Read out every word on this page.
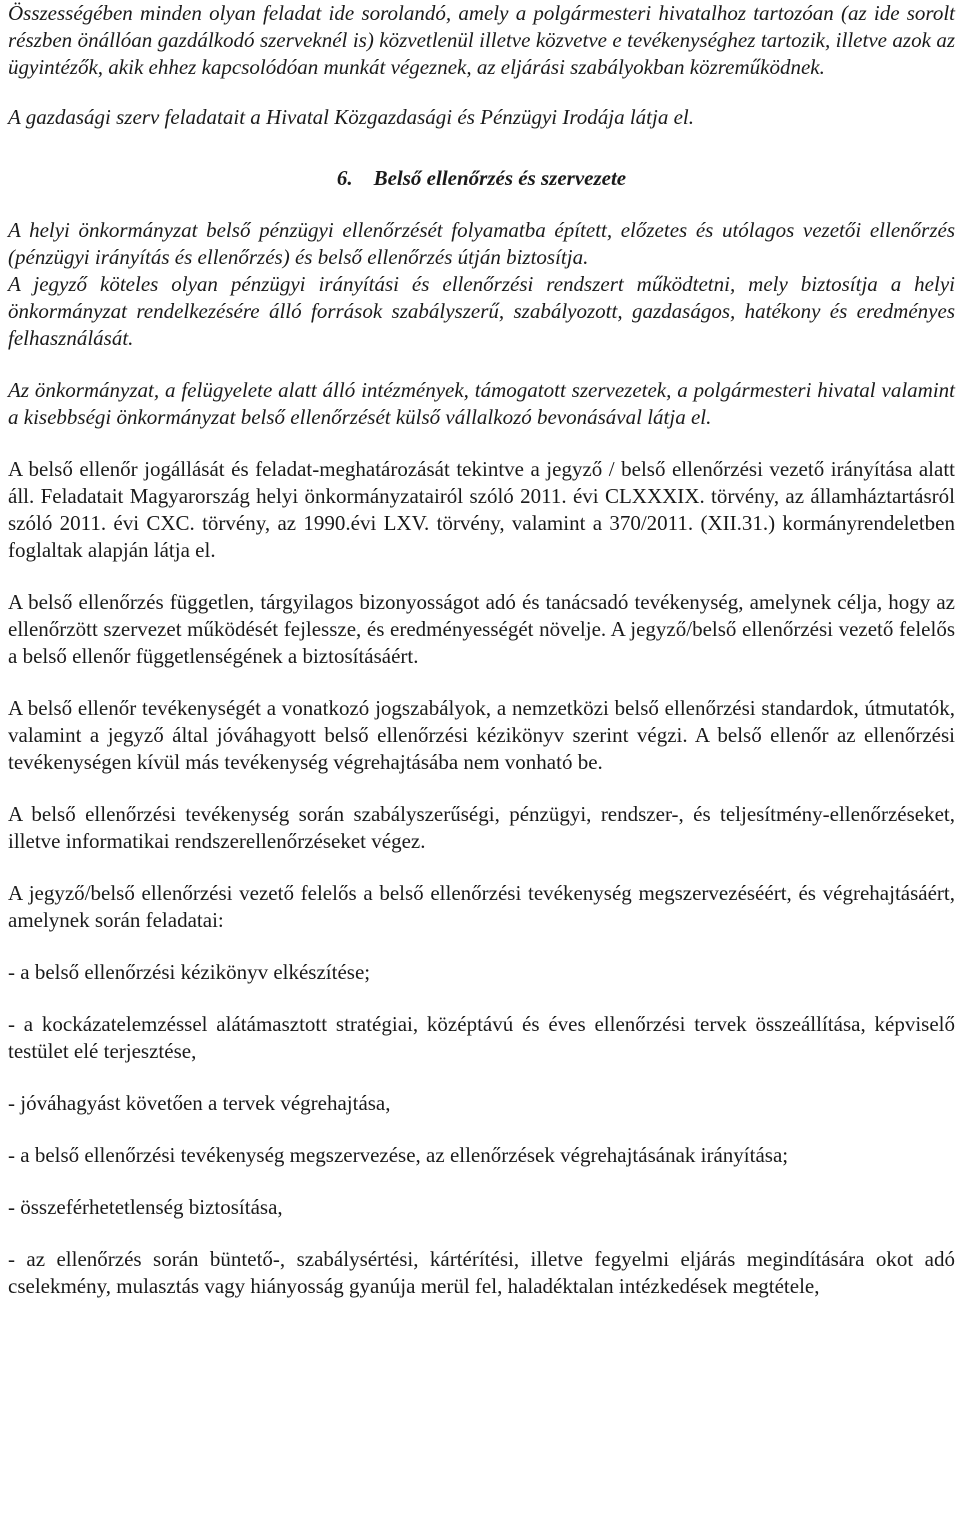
Összességében minden olyan feladat ide sorolandó, amely a polgármesteri hivatalhoz tartozóan (az ide sorolt részben önállóan gazdálkodó szerveknél is) közvetlenül illetve közvetve e tevékenységhez tartozik, illetve azok az ügyintézők, akik ehhez kapcsolódóan munkát végeznek, az eljárási szabályokban közreműködnek.

A gazdasági szerv feladatait a Hivatal Közgazdasági és Pénzügyi Irodája látja el.

6. Belső ellenőrzés és szervezete

A helyi önkormányzat belső pénzügyi ellenőrzését folyamatba épített, előzetes és utólagos vezetői ellenőrzés (pénzügyi irányítás és ellenőrzés) és belső ellenőrzés útján biztosítja.

A jegyző köteles olyan pénzügyi irányítási és ellenőrzési rendszert működtetni, mely biztosítja a helyi önkormányzat rendelkezésére álló források szabályszerű, szabályozott, gazdaságos, hatékony és eredményes felhasználását.

Az önkormányzat, a felügyelete alatt álló intézmények, támogatott szervezetek, a polgármesteri hivatal valamint a kisebbségi önkormányzat belső ellenőrzését külső vállalkozó bevonásával látja el.

A belső ellenőr jogállását és feladat-meghatározását tekintve a jegyző / belső ellenőrzési vezető irányítása alatt áll. Feladatait Magyarország helyi önkormányzatairól szóló 2011. évi CLXXXIX. törvény, az államháztartásról szóló 2011. évi CXC. törvény, az 1990.évi LXV. törvény, valamint a 370/2011. (XII.31.) kormányrendeletben foglaltak alapján látja el.

A belső ellenőrzés független, tárgyilagos bizonyosságot adó és tanácsadó tevékenység, amelynek célja, hogy az ellenőrzött szervezet működését fejlessze, és eredményességét növelje. A jegyző/belső ellenőrzési vezető felelős a belső ellenőr függetlenségének a biztosításáért.

A belső ellenőr tevékenységét a vonatkozó jogszabályok, a nemzetközi belső ellenőrzési standardok, útmutatók, valamint a jegyző által jóváhagyott belső ellenőrzési kézikönyv szerint végzi. A belső ellenőr az ellenőrzési tevékenységen kívül más tevékenység végrehajtásába nem vonható be.

A belső ellenőrzési tevékenység során szabályszerűségi, pénzügyi, rendszer-, és teljesítmény-ellenőrzéseket, illetve informatikai rendszerellenőrzéseket végez.

A jegyző/belső ellenőrzési vezető felelős a belső ellenőrzési tevékenység megszervezéséért, és végrehajtásáért, amelynek során feladatai:

- a belső ellenőrzési kézikönyv elkészítése;

- a kockázatelemzéssel alátámasztott stratégiai, középtávú és éves ellenőrzési tervek összeállítása, képviselő testület elé terjesztése,

- jóváhagyást követően a tervek végrehajtása,

- a belső ellenőrzési tevékenység megszervezése, az ellenőrzések végrehajtásának irányítása;

- összeférhetetlenség biztosítása,

- az ellenőrzés során büntető-, szabálysértési, kártérítési, illetve fegyelmi eljárás megindítására okot adó cselekmény, mulasztás vagy hiányosság gyanúja merül fel, haladéktalan intézkedések megtétele,
